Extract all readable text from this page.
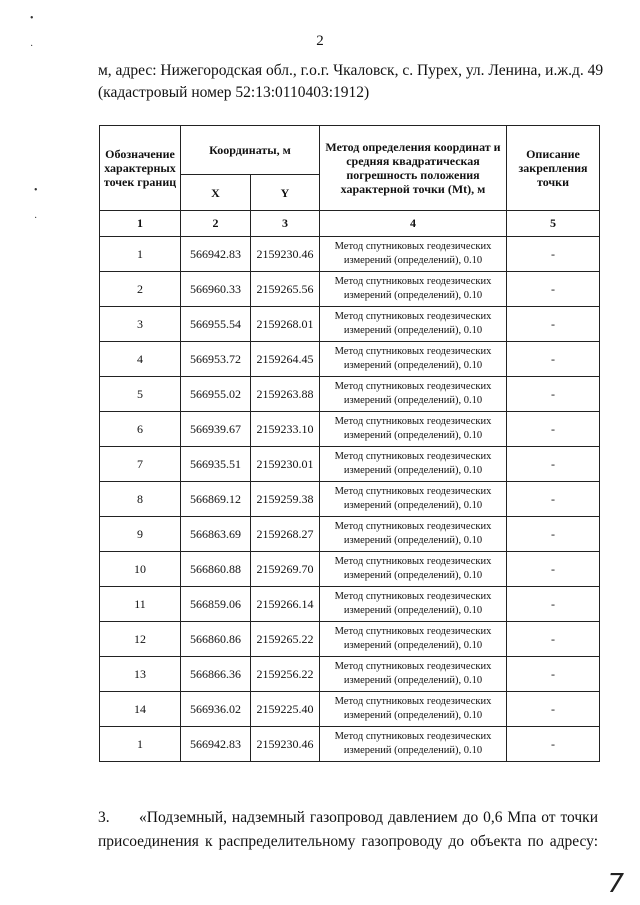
•
·
•
·
2
м, адрес: Нижегородская обл., г.о.г. Чкаловск, с. Пурех, ул. Ленина, и.ж.д. 49
(кадастровый номер 52:13:0110403:1912)
Обозначение характерных точек границ	Координаты, м		Метод определения координат и средняя квадратическая погрешность положения характерной точки (Mt), м	Описание закрепления точки
	X	Y		
1	2	3	4	5
1	566942.83	2159230.46	Метод спутниковых геодезических измерений (определений), 0.10	-
2	566960.33	2159265.56	Метод спутниковых геодезических измерений (определений), 0.10	-
3	566955.54	2159268.01	Метод спутниковых геодезических измерений (определений), 0.10	-
4	566953.72	2159264.45	Метод спутниковых геодезических измерений (определений), 0.10	-
5	566955.02	2159263.88	Метод спутниковых геодезических измерений (определений), 0.10	-
6	566939.67	2159233.10	Метод спутниковых геодезических измерений (определений), 0.10	-
7	566935.51	2159230.01	Метод спутниковых геодезических измерений (определений), 0.10	-
8	566869.12	2159259.38	Метод спутниковых геодезических измерений (определений), 0.10	-
9	566863.69	2159268.27	Метод спутниковых геодезических измерений (определений), 0.10	-
10	566860.88	2159269.70	Метод спутниковых геодезических измерений (определений), 0.10	-
11	566859.06	2159266.14	Метод спутниковых геодезических измерений (определений), 0.10	-
12	566860.86	2159265.22	Метод спутниковых геодезических измерений (определений), 0.10	-
13	566866.36	2159256.22	Метод спутниковых геодезических измерений (определений), 0.10	-
14	566936.02	2159225.40	Метод спутниковых геодезических измерений (определений), 0.10	-
1	566942.83	2159230.46	Метод спутниковых геодезических измерений (определений), 0.10	-
3. «Подземный, надземный газопровод давлением до 0,6 Мпа от точки
присоединения к распределительному газопроводу до объекта по адресу:
7
